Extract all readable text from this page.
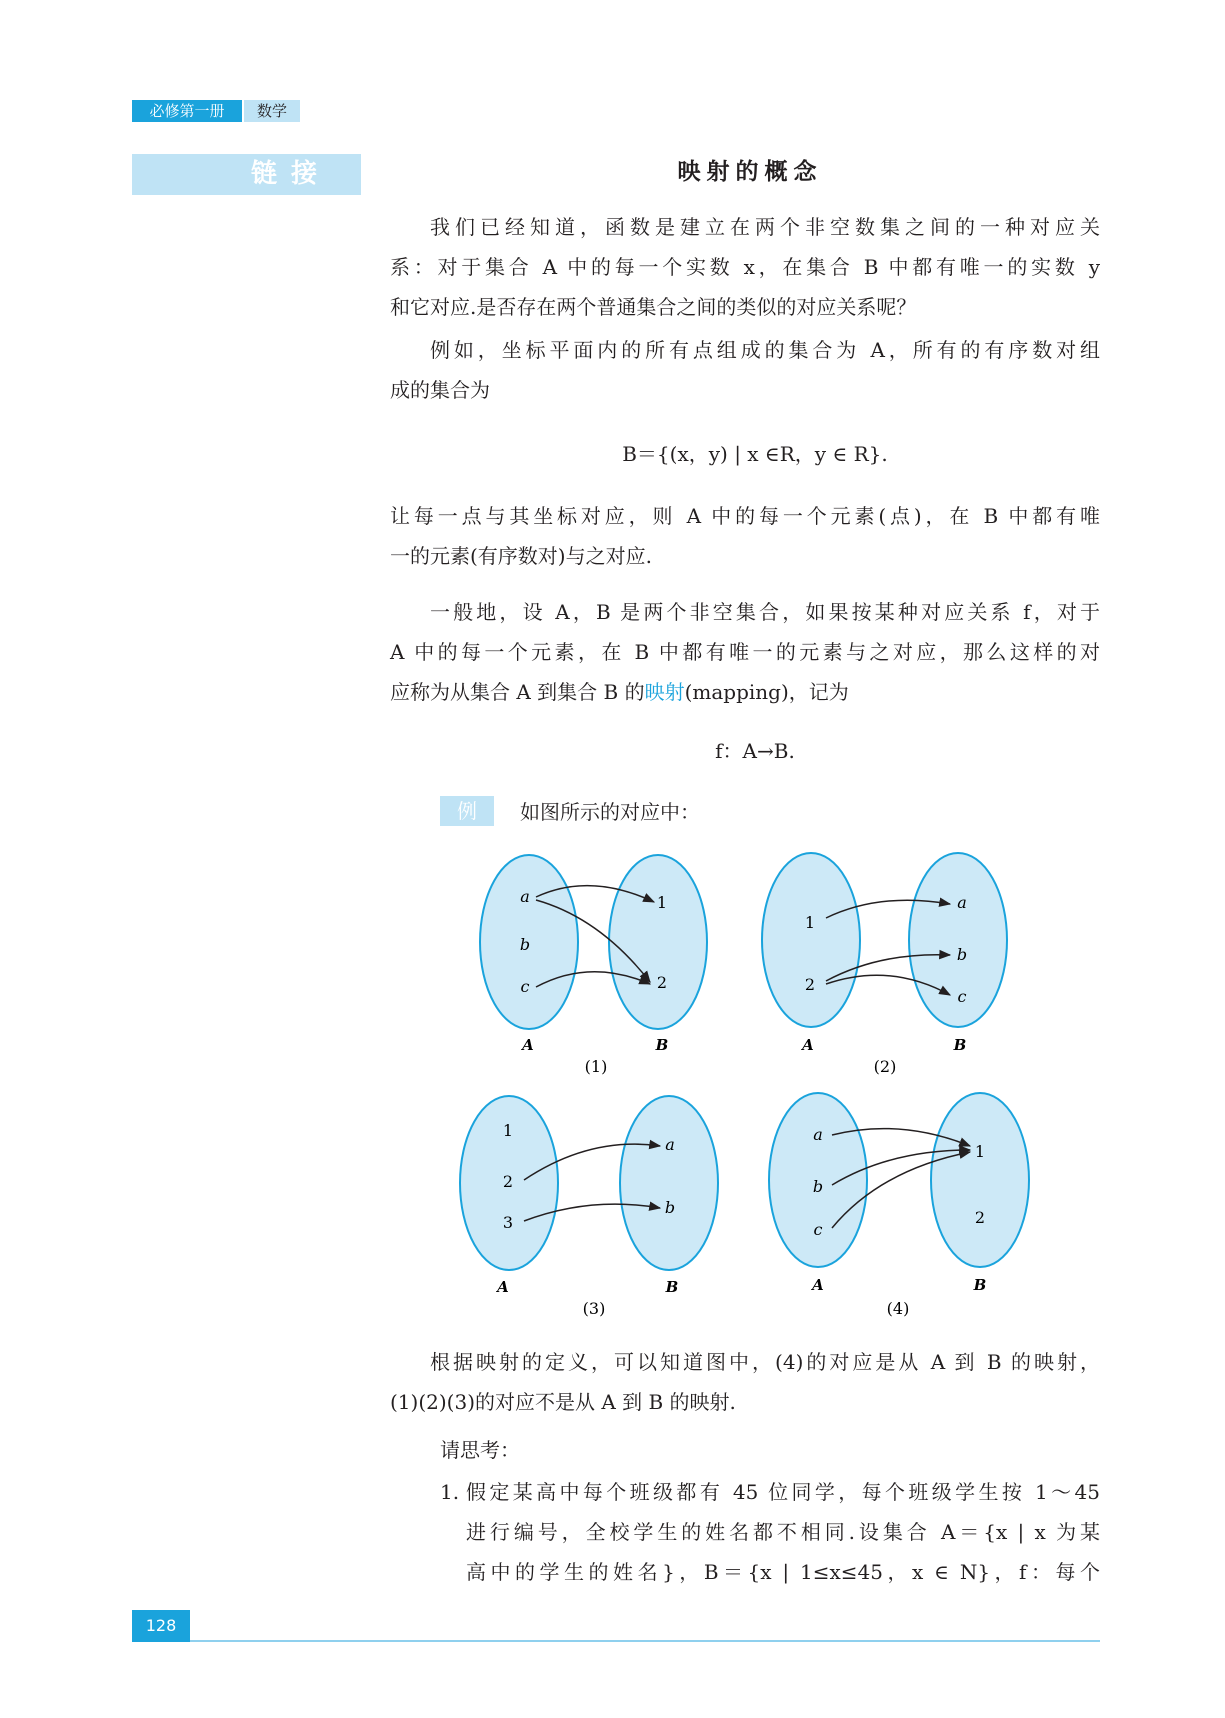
必修第一册	数学
链接	映射的概念
我们已经知道，函数是建立在两个非空数集之间的一种对应关
系：对于集合 A 中的每一个实数 x，在集合 B 中都有唯一的实数 y
和它对应.是否存在两个普通集合之间的类似的对应关系呢？
例如，坐标平面内的所有点组成的集合为 A，所有的有序数对组
成的集合为
B＝{(x，y) | x ∈R，y ∈ R}.
让每一点与其坐标对应，则 A 中的每一个元素(点)，在 B 中都有唯
一的元素(有序数对)与之对应.
一般地，设 A，B 是两个非空集合，如果按某种对应关系 f，对于
A 中的每一个元素，在 B 中都有唯一的元素与之对应，那么这样的对
应称为从集合 A 到集合 B 的映射(mapping)，记为
f：A→B.
例	如图所示的对应中：
a
b
c
1
2
A	B
(1)
1
2
a
b
c
A	B
(2)
1
2
3
a
b
A	B
(3)
a
b
c
1
2
A	B
(4)
根据映射的定义，可以知道图中，(4)的对应是从 A 到 B 的映射，
(1)(2)(3)的对应不是从 A 到 B 的映射.
请思考：
1. 假定某高中每个班级都有 45 位同学，每个班级学生按 1～45
进行编号，全校学生的姓名都不相同.设集合 A＝{x | x 为某
高中的学生的姓名}，B＝{x | 1≤x≤45，x ∈ N}，f：每个
128
